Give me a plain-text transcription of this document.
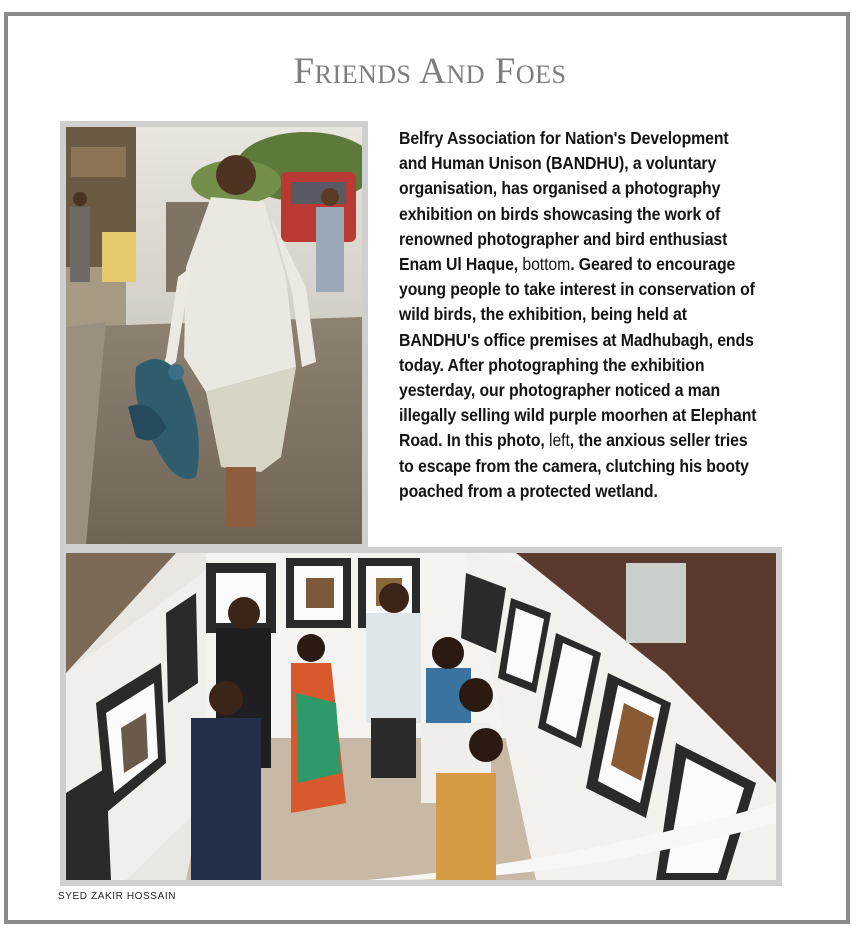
Friends And Foes
Belfry Association for Nation's Development and Human Unison (BANDHU), a voluntary organisation, has organised a photography exhibition on birds showcasing the work of renowned photographer and bird enthusiast Enam Ul Haque, bottom. Geared to encourage young people to take interest in conservation of wild birds, the exhibition, being held at BANDHU's office premises at Madhubagh, ends today. After photographing the exhibition yesterday, our photographer noticed a man illegally selling wild purple moorhen at Elephant Road. In this photo, left, the anxious seller tries to escape from the camera, clutching his booty poached from a protected wetland.
SYED ZAKIR HOSSAIN
